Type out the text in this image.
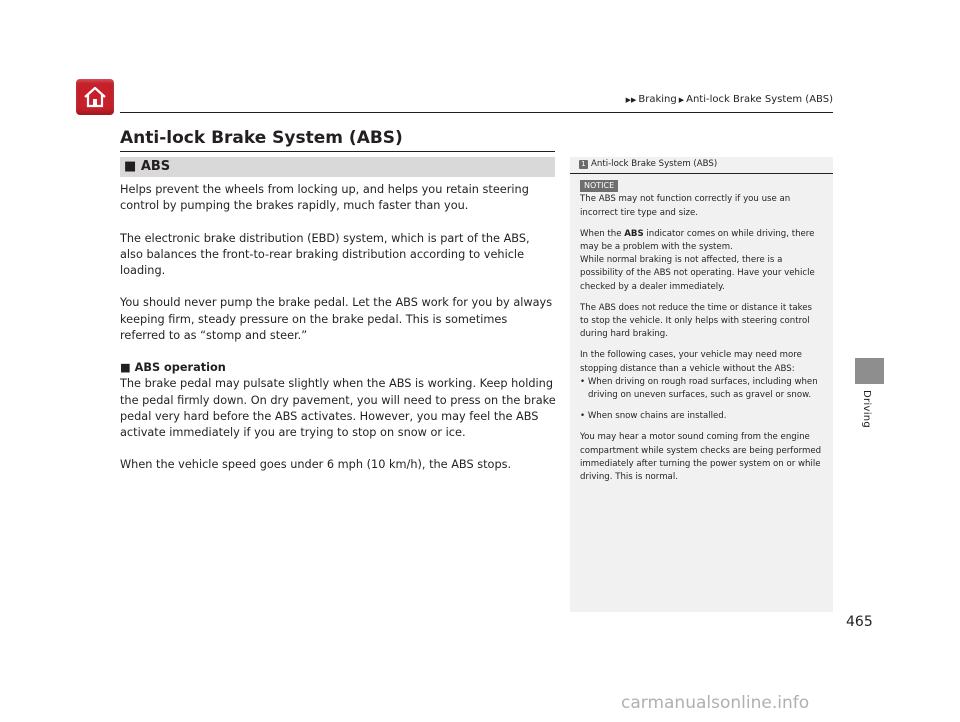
▶▶ Braking ▶ Anti-lock Brake System (ABS)
Driving
Anti-lock Brake System (ABS)
■ ABS

Helps prevent the wheels from locking up, and helps you retain steering control by pumping the brakes rapidly, much faster than you.

The electronic brake distribution (EBD) system, which is part of the ABS, also balances the front-to-rear braking distribution according to vehicle loading.

You should never pump the brake pedal. Let the ABS work for you by always keeping firm, steady pressure on the brake pedal. This is sometimes referred to as “stomp and steer.”

■ ABS operation

The brake pedal may pulsate slightly when the ABS is working. Keep holding the pedal firmly down. On dry pavement, you will need to press on the brake pedal very hard before the ABS activates. However, you may feel the ABS activate immediately if you are trying to stop on snow or ice.

When the vehicle speed goes under 6 mph (10 km/h), the ABS stops.

1 Anti-lock Brake System (ABS)
NOTICE

The ABS may not function correctly if you use an incorrect tire type and size.

When the ABS indicator comes on while driving, there may be a problem with the system.
While normal braking is not affected, there is a possibility of the ABS not operating. Have your vehicle checked by a dealer immediately.

The ABS does not reduce the time or distance it takes to stop the vehicle. It only helps with steering control during hard braking.

In the following cases, your vehicle may need more stopping distance than a vehicle without the ABS:

• When driving on rough road surfaces, including when driving on uneven surfaces, such as gravel or snow.

• When snow chains are installed.

You may hear a motor sound coming from the engine compartment while system checks are being performed immediately after turning the power system on or while driving. This is normal.

465
carmanualsonline.info
